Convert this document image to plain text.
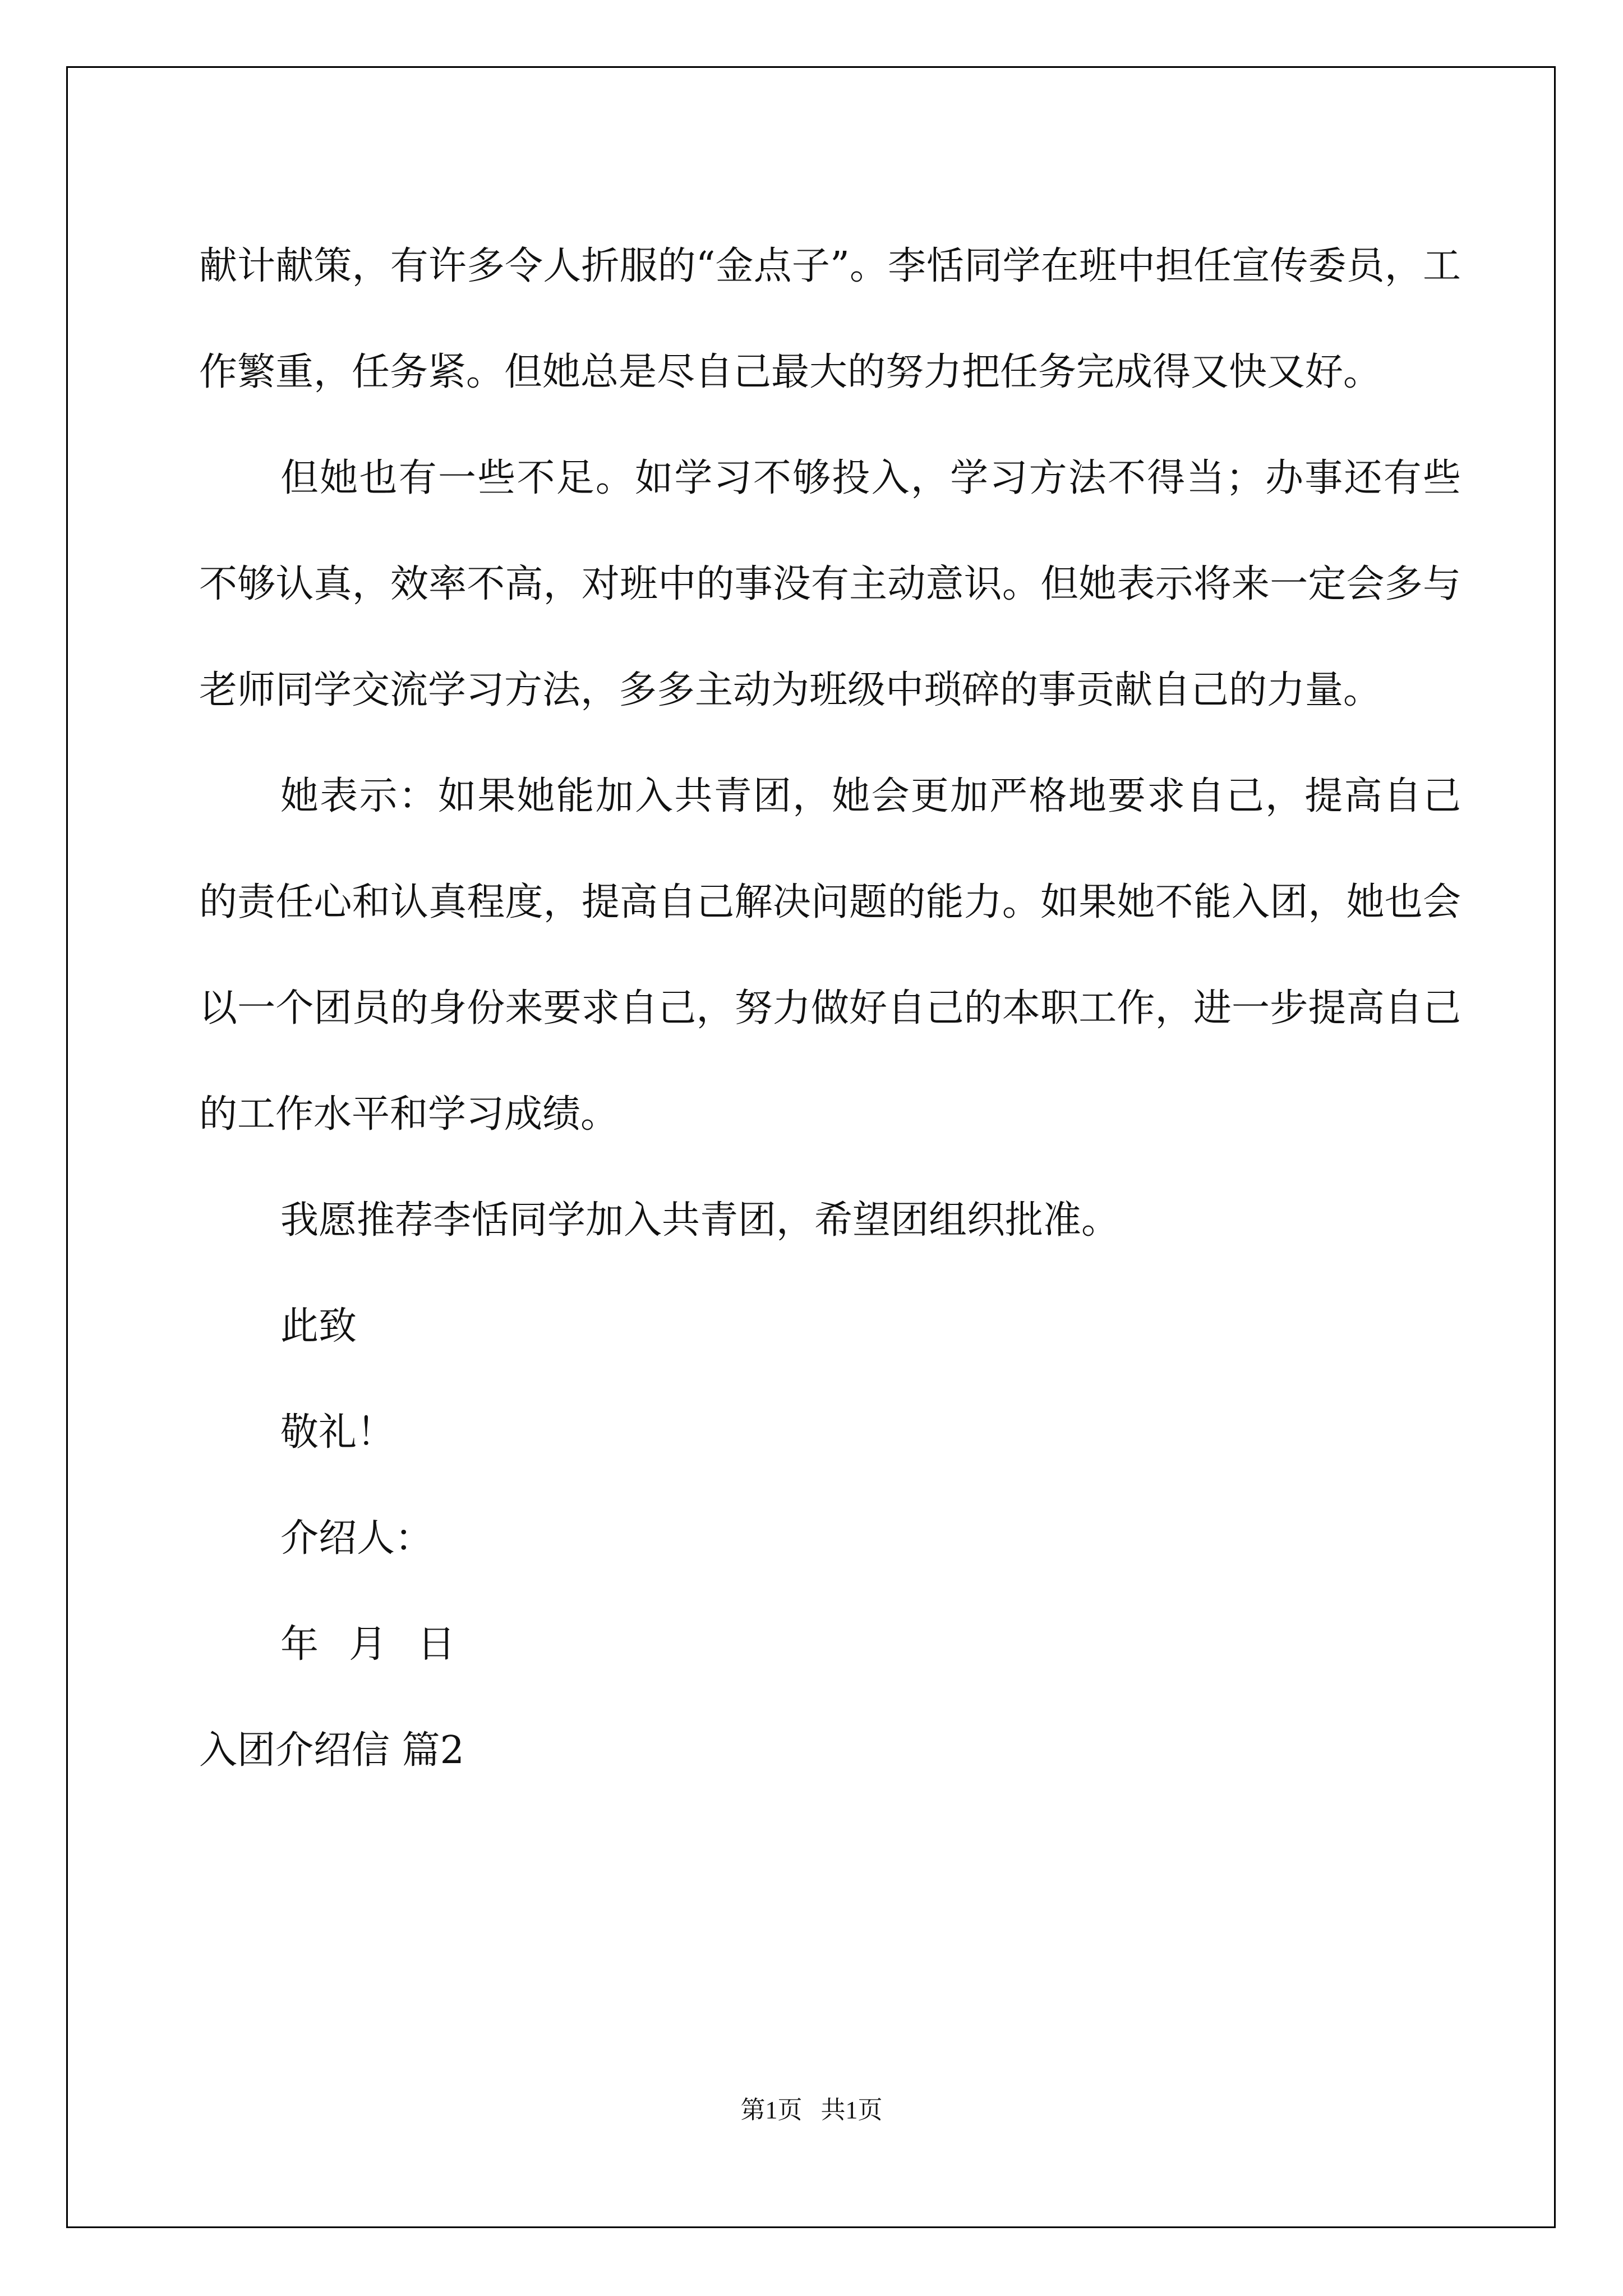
献计献策，有许多令人折服的“金点子”。李恬同学在班中担任宣传委员，工作繁重，任务紧。但她总是尽自己最大的努力把任务完成得又快又好。

但她也有一些不足。如学习不够投入，学习方法不得当；办事还有些不够认真，效率不高，对班中的事没有主动意识。但她表示将来一定会多与老师同学交流学习方法，多多主动为班级中琐碎的事贡献自己的力量。

她表示：如果她能加入共青团，她会更加严格地要求自己，提高自己的责任心和认真程度，提高自己解决问题的能力。如果她不能入团，她也会以一个团员的身份来要求自己，努力做好自己的本职工作，进一步提高自己的工作水平和学习成绩。

我愿推荐李恬同学加入共青团，希望团组织批准。

此致

敬礼！

介绍人：

年 月 日

入团介绍信 篇2

第1页   共1页
